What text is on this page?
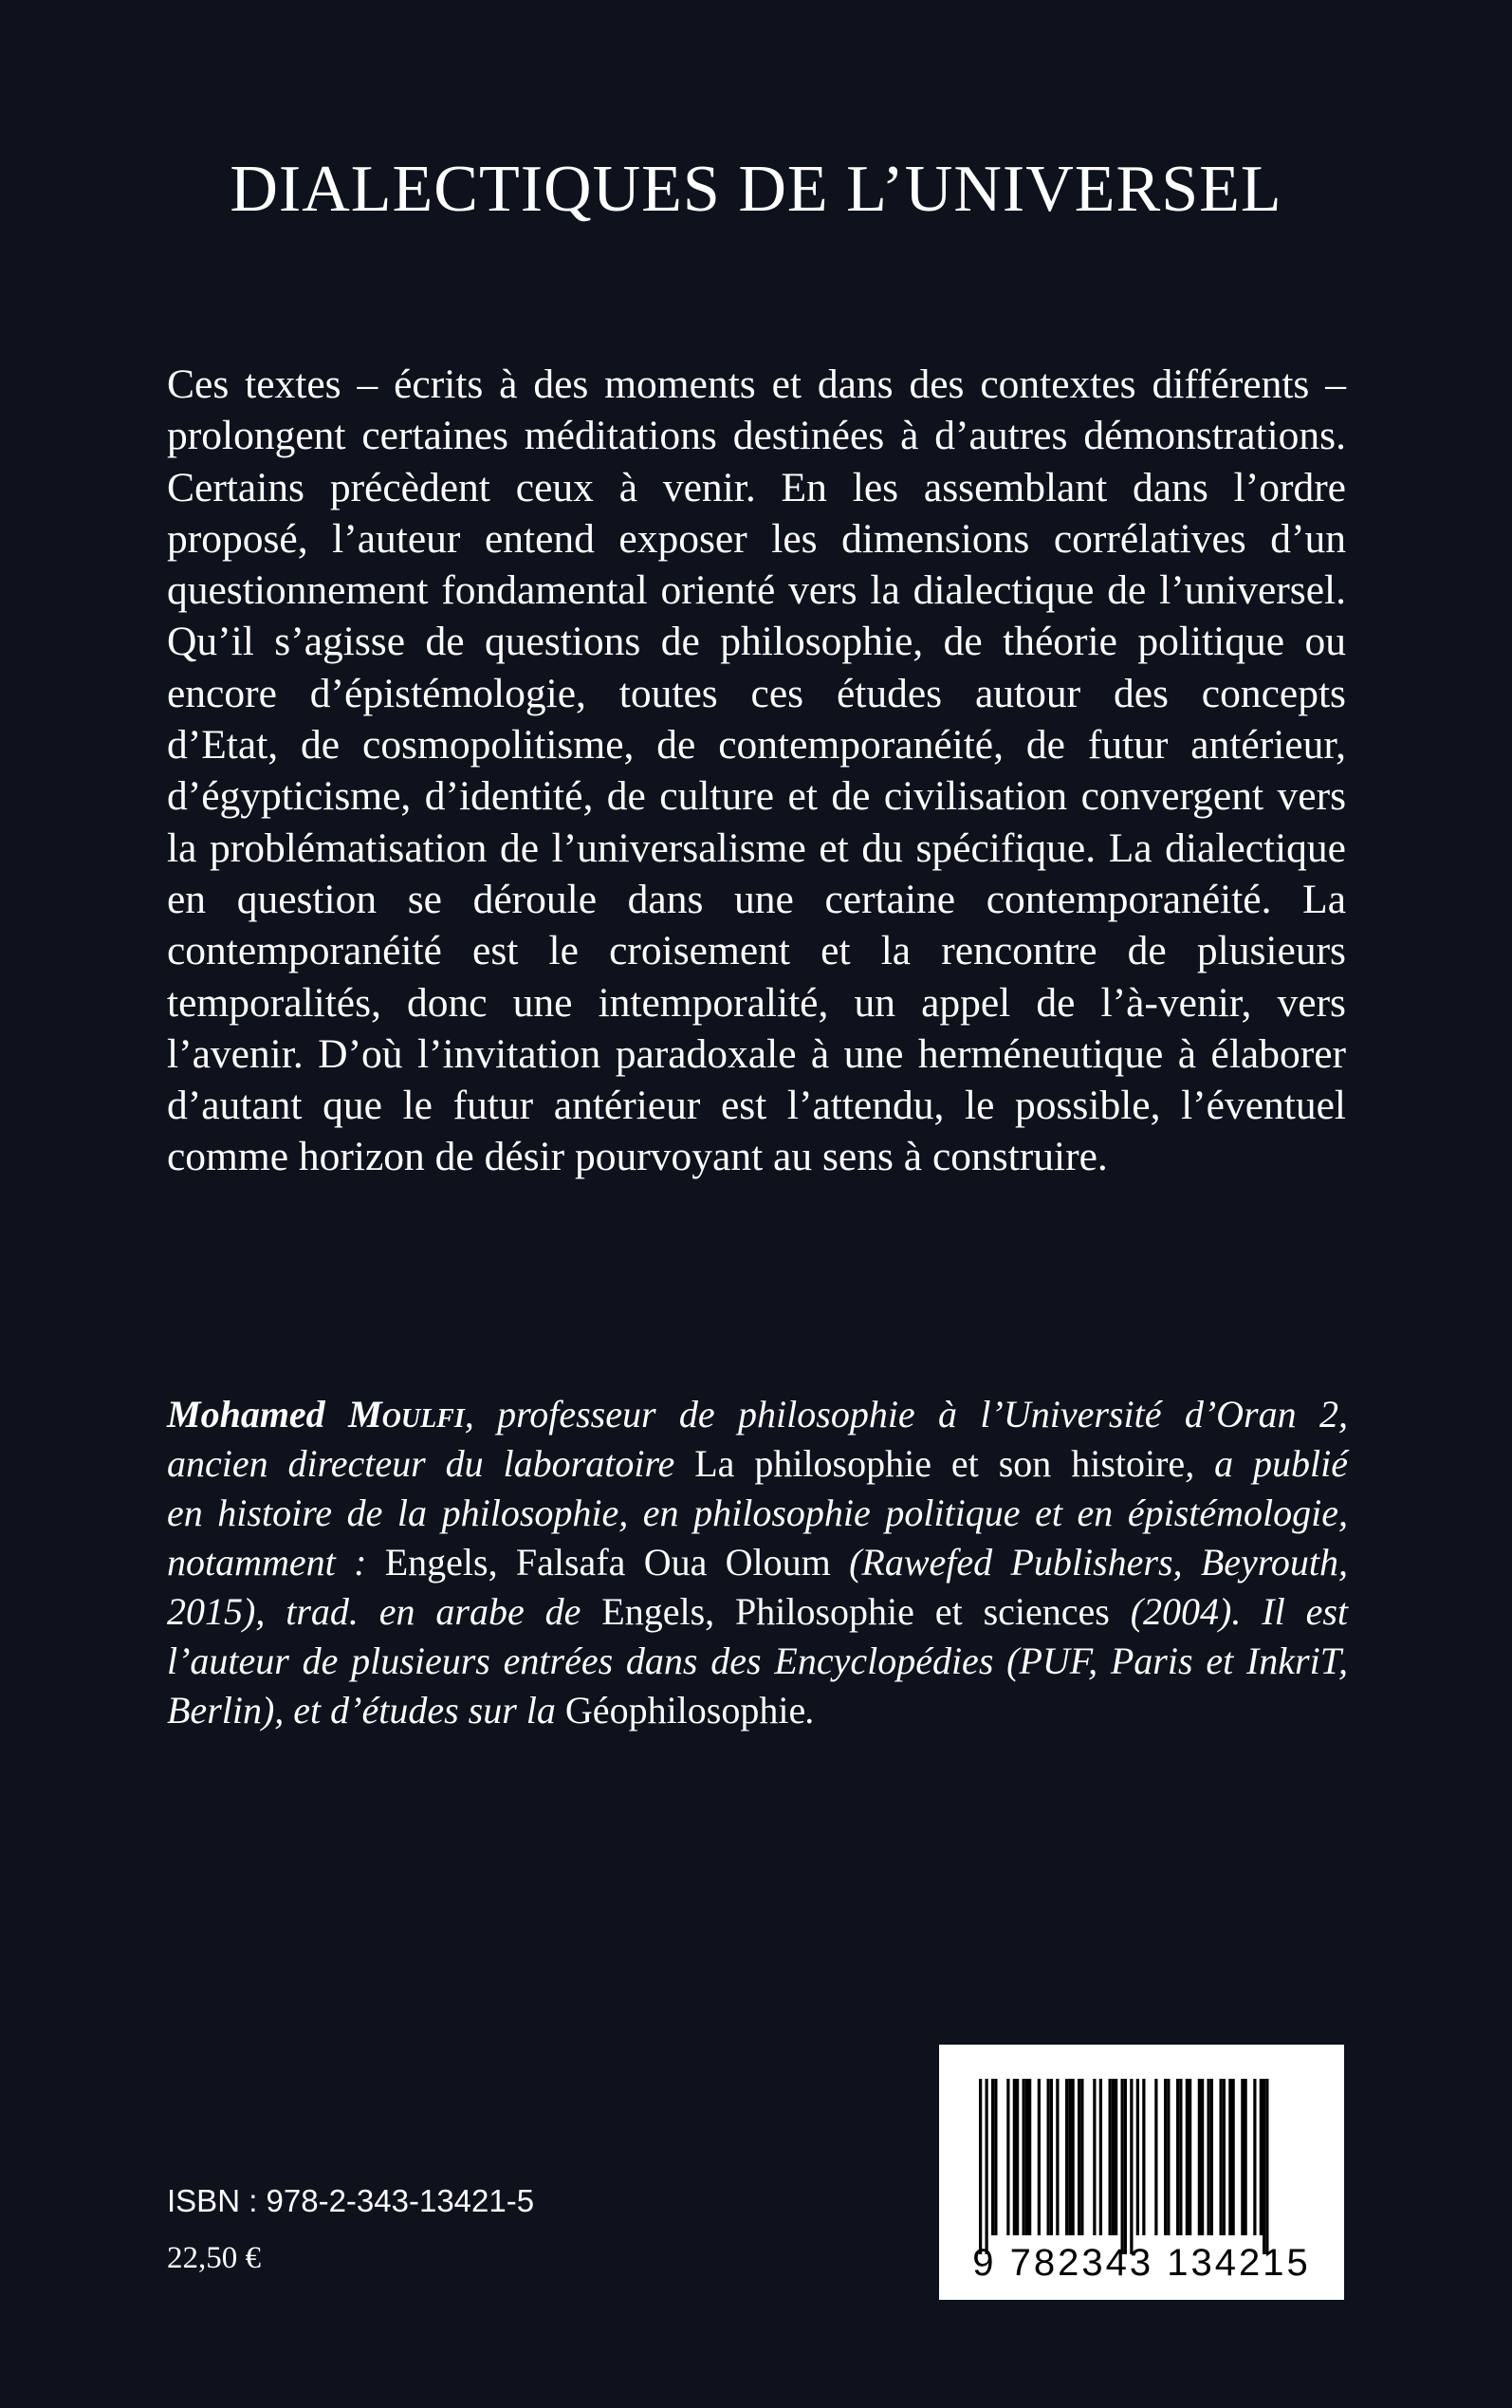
DIALECTIQUES DE L’UNIVERSEL
Ces textes – écrits à des moments et dans des contextes différents –
prolongent certaines méditations destinées à d’autres démonstrations.
Certains précèdent ceux à venir. En les assemblant dans l’ordre
proposé, l’auteur entend exposer les dimensions corrélatives d’un
questionnement fondamental orienté vers la dialectique de l’universel.
Qu’il s’agisse de questions de philosophie, de théorie politique ou
encore d’épistémologie, toutes ces études autour des concepts
d’Etat, de cosmopolitisme, de contemporanéité, de futur antérieur,
d’égypticisme, d’identité, de culture et de civilisation convergent vers
la problématisation de l’universalisme et du spécifique. La dialectique
en question se déroule dans une certaine contemporanéité. La
contemporanéité est le croisement et la rencontre de plusieurs
temporalités, donc une intemporalité, un appel de l’à-venir, vers
l’avenir. D’où l’invitation paradoxale à une herméneutique à élaborer
d’autant que le futur antérieur est l’attendu, le possible, l’éventuel
comme horizon de désir pourvoyant au sens à construire.
Mohamed Moulfi, professeur de philosophie à l’Université d’Oran 2,
ancien directeur du laboratoire La philosophie et son histoire, a publié
en histoire de la philosophie, en philosophie politique et en épistémologie,
notamment : Engels, Falsafa Oua Oloum (Rawefed Publishers, Beyrouth,
2015), trad. en arabe de Engels, Philosophie et sciences (2004). Il est
l’auteur de plusieurs entrées dans des Encyclopédies (PUF, Paris et InkriT,
Berlin), et d’études sur la Géophilosophie.
ISBN : 978-2-343-13421-5
22,50 €	9 782343 134215
